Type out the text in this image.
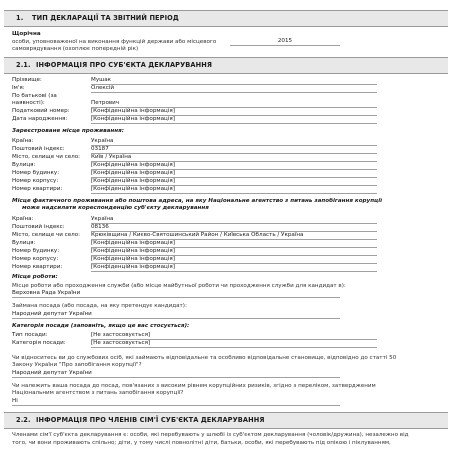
1. ТИП ДЕКЛАРАЦІЇ ТА ЗВІТНИЙ ПЕРІОД
Щорічна
особи, уповноваженої на виконання функцій держави або місцевого
самоврядування (охоплює попередній рік)
2015
2.1. ІНФОРМАЦІЯ ПРО СУБ'ЄКТА ДЕКЛАРУВАННЯ
Прізвище:	Мушак
Ім'я:	Олексій
По батькові (за
наявності):	Петрович
Податковий номер:	[Конфіденційна інформація]
Дата народження:	[Конфіденційна інформація]
Зареєстроване місце проживання:
Країна:	Україна
Поштовий індекс:	03187
Місто, селище чи село: Київ / Україна
Вулиця:	[Конфіденційна інформація]
Номер будинку:	[Конфіденційна інформація]
Номер корпусу:	[Конфіденційна інформація]
Номер квартири:	[Конфіденційна інформація]
Місце фактичного проживання або поштова адреса, на яку Національне агентство з питань запобігання корупції
може надсилати кореспонденцію суб'єкту декларування
Країна:	Україна
Поштовий індекс:	08136
Місто, селище чи село: Крюківщина / Києво-Святошинський Район / Київська Область / Україна
Вулиця:	[Конфіденційна інформація]
Номер будинку:	[Конфіденційна інформація]
Номер корпусу:	[Конфіденційна інформація]
Номер квартири:	[Конфіденційна інформація]
Місце роботи:
Місце роботи або проходження служби (або місце майбутньої роботи чи проходження служби для кандидат в):
Верховна Рада України
Займана посада (або посада, на яку претендує кандидат):
Народний депутат України
Категорія посади (заповніть, якщо це вас стосується):
Тип посади:	[Не застосовується]
Категорія посади:	[Не застосовується]
Чи відноситесь ви до службових осіб, які займають відповідальне та особливо відповідальне становище, відповідно до статті 50
Закону України "Про запобігання корупції"?
Народний депутат України
Чи належить ваша посада до посад, пов'язаних з високим рівнем корупційних ризиків, згідно з переліком, затвердженим
Національним агентством з питань запобігання корупції?
Ні
2.2. ІНФОРМАЦІЯ ПРО ЧЛЕНІВ СІМ'Ї СУБ'ЄКТА ДЕКЛАРУВАННЯ
Членами сім'ї суб'єкта декларування є: особи, які перебувають у шлюбі із суб'єктом декларування (чоловік/дружина), незалежно від
того, чи вони проживають спільно; діти, у тому числі повнолітні діти, батьки, особи, які перебувають під опікою і піклуванням,
